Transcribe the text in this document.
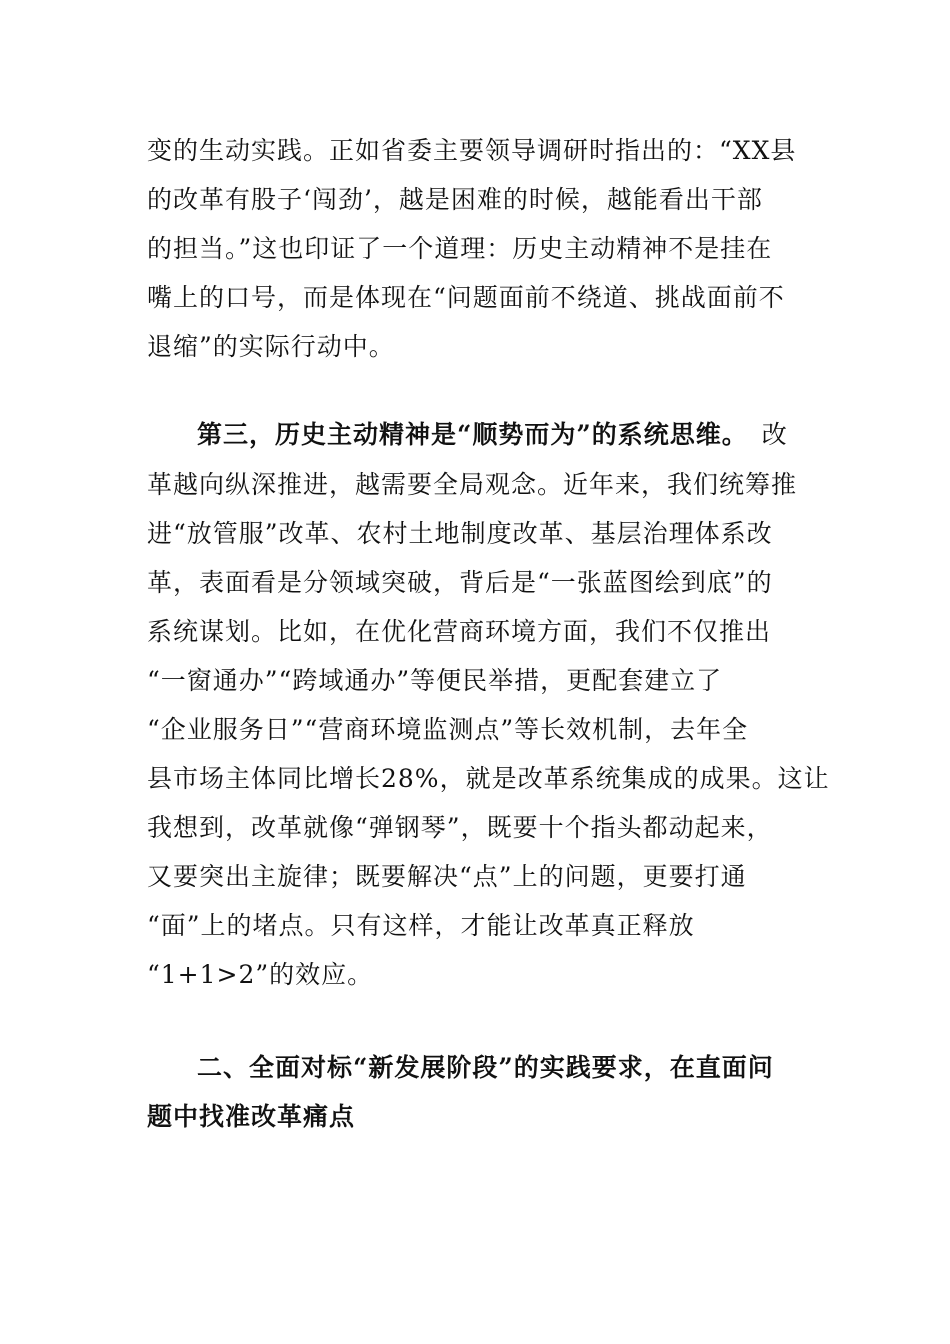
变的生动实践。正如省委主要领导调研时指出的：“XX县
的改革有股子‘闯劲’，越是困难的时候，越能看出干部
的担当。”这也印证了一个道理：历史主动精神不是挂在
嘴上的口号，而是体现在“问题面前不绕道、挑战面前不
退缩”的实际行动中。
第三，历史主动精神是“顺势而为”的系统思维。 改
革越向纵深推进，越需要全局观念。近年来，我们统筹推
进“放管服”改革、农村土地制度改革、基层治理体系改
革，表面看是分领域突破，背后是“一张蓝图绘到底”的
系统谋划。比如，在优化营商环境方面，我们不仅推出
“一窗通办”“跨域通办”等便民举措，更配套建立了
“企业服务日”“营商环境监测点”等长效机制，去年全
县市场主体同比增长28%，就是改革系统集成的成果。这让
我想到，改革就像“弹钢琴”，既要十个指头都动起来，
又要突出主旋律；既要解决“点”上的问题，更要打通
“面”上的堵点。只有这样，才能让改革真正释放
“1+1>2”的效应。
二、全面对标“新发展阶段”的实践要求，在直面问
题中找准改革痛点
